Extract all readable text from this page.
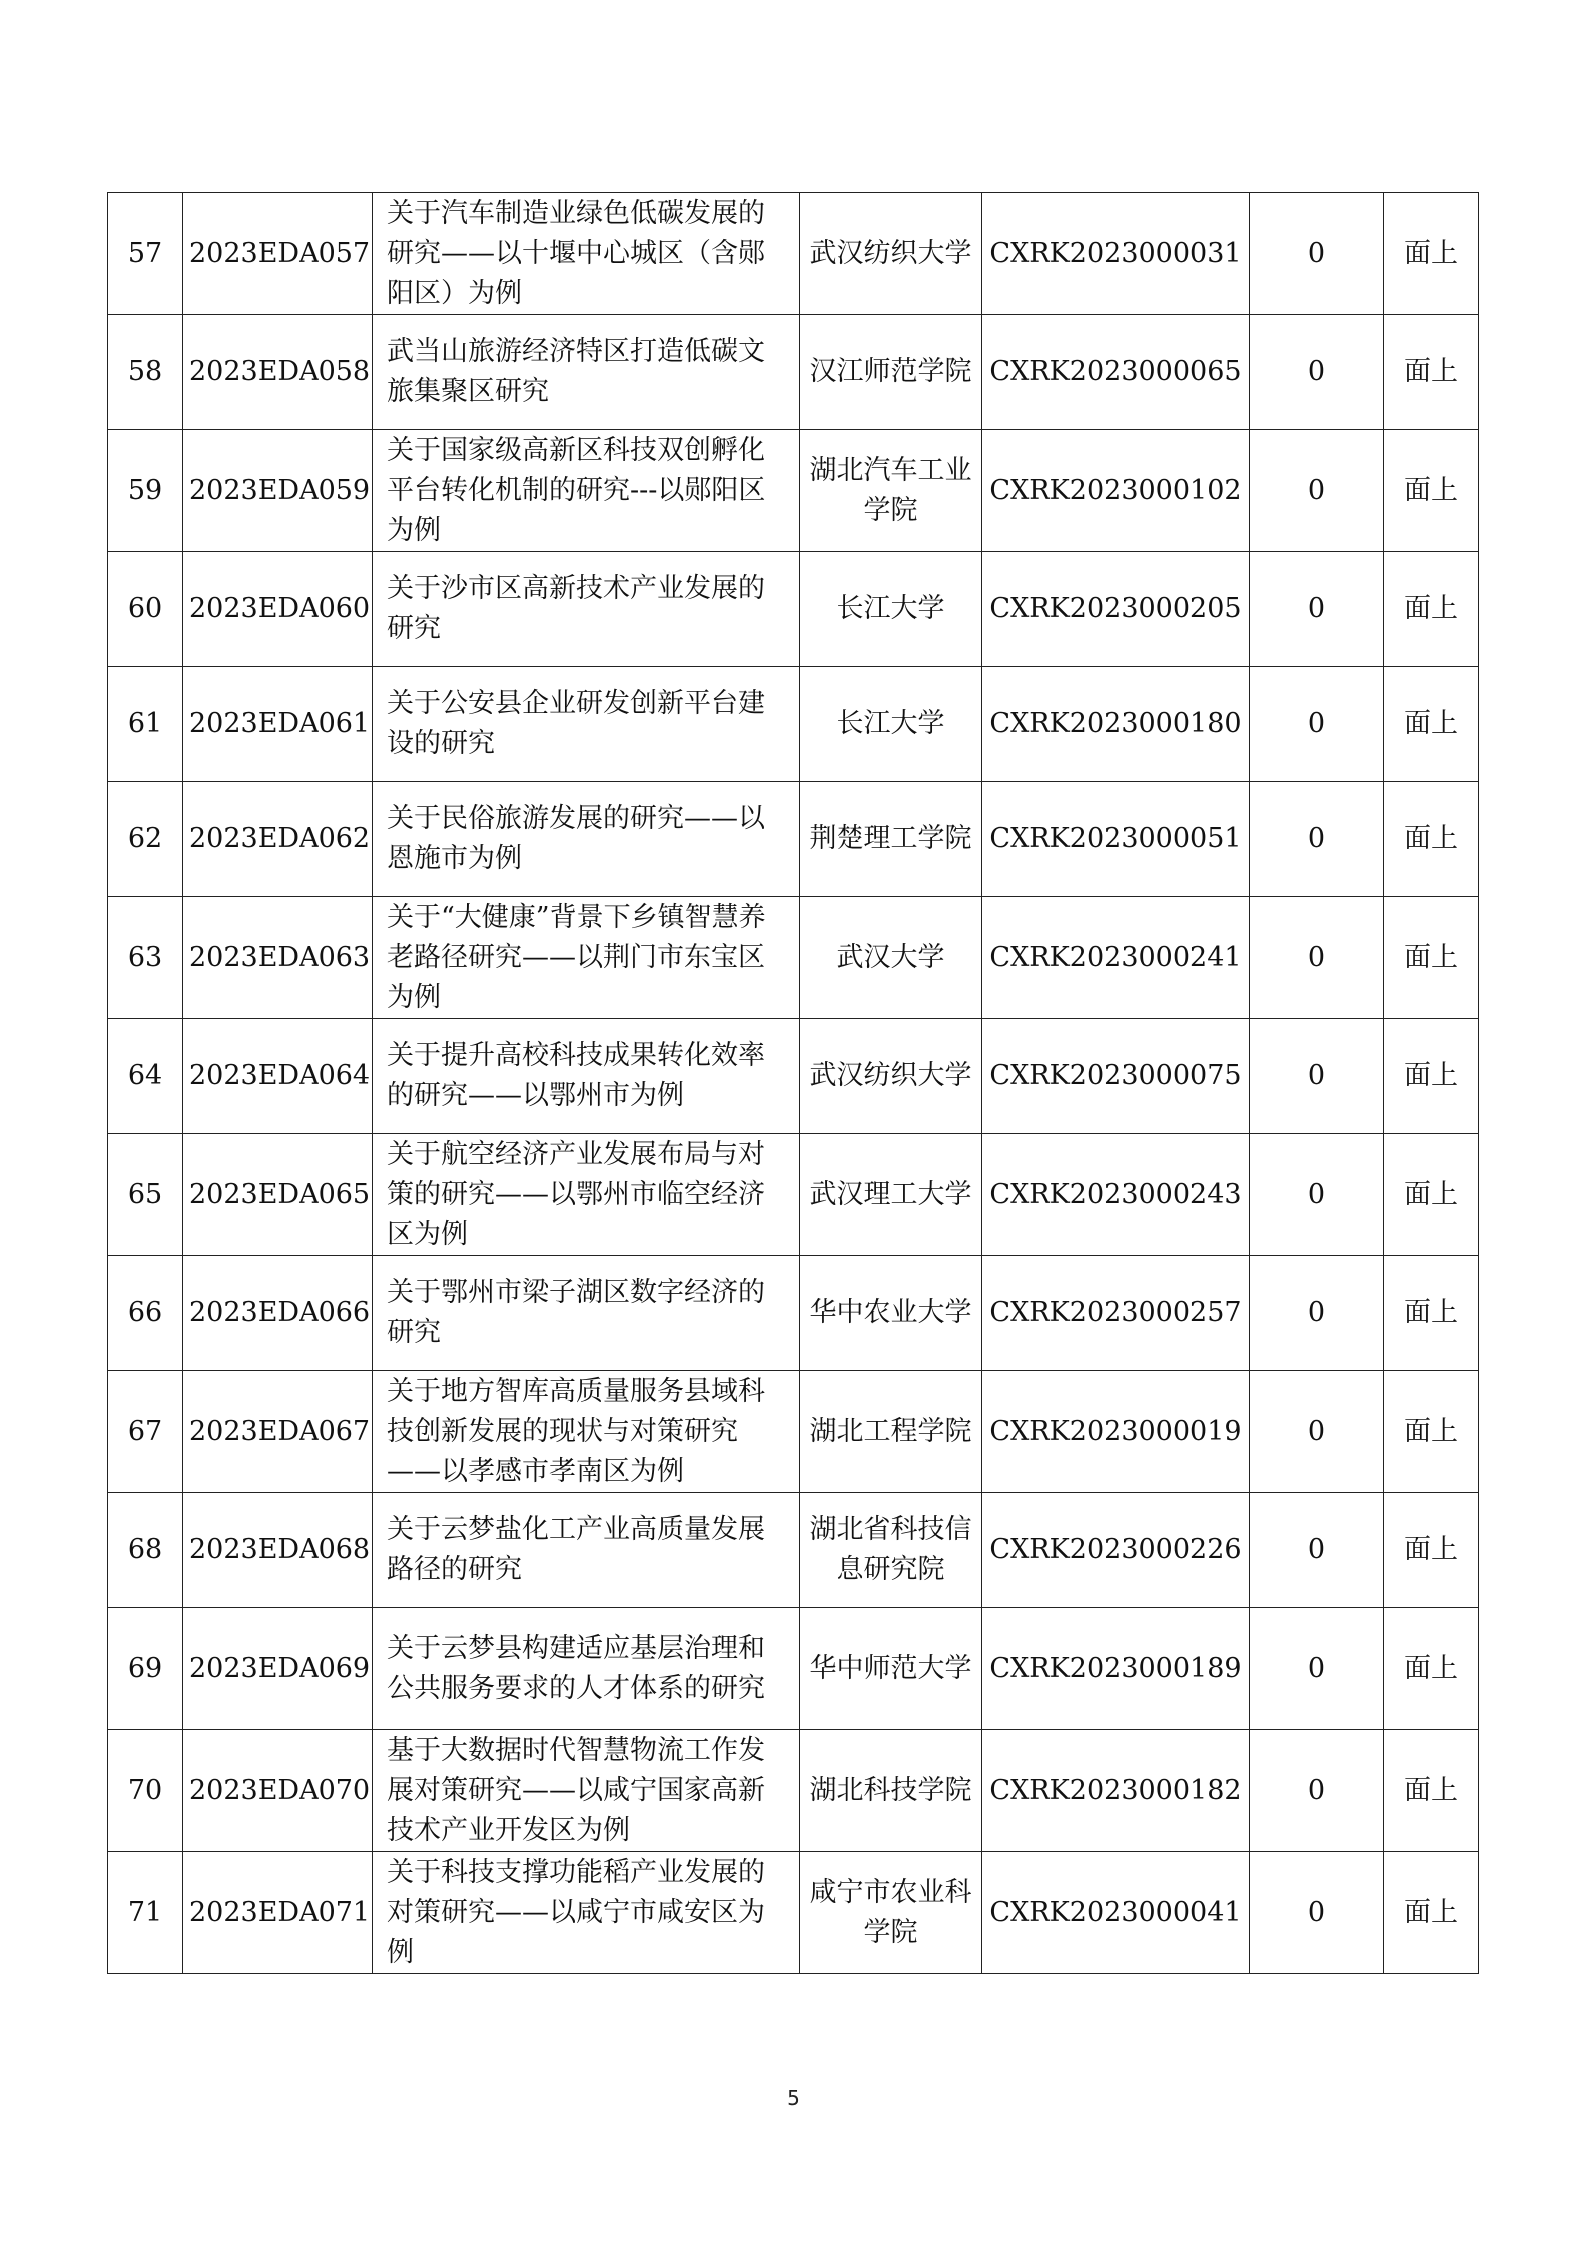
57	2023EDA057	关于汽车制造业绿色低碳发展的研究——以十堰中心城区（含郧阳区）为例	武汉纺织大学	CXRK2023000031	0	面上
58	2023EDA058	武当山旅游经济特区打造低碳文旅集聚区研究	汉江师范学院	CXRK2023000065	0	面上
59	2023EDA059	关于国家级高新区科技双创孵化平台转化机制的研究---以郧阳区为例	湖北汽车工业学院	CXRK2023000102	0	面上
60	2023EDA060	关于沙市区高新技术产业发展的研究	长江大学	CXRK2023000205	0	面上
61	2023EDA061	关于公安县企业研发创新平台建设的研究	长江大学	CXRK2023000180	0	面上
62	2023EDA062	关于民俗旅游发展的研究——以恩施市为例	荆楚理工学院	CXRK2023000051	0	面上
63	2023EDA063	关于“大健康”背景下乡镇智慧养老路径研究——以荆门市东宝区为例	武汉大学	CXRK2023000241	0	面上
64	2023EDA064	关于提升高校科技成果转化效率的研究——以鄂州市为例	武汉纺织大学	CXRK2023000075	0	面上
65	2023EDA065	关于航空经济产业发展布局与对策的研究——以鄂州市临空经济区为例	武汉理工大学	CXRK2023000243	0	面上
66	2023EDA066	关于鄂州市梁子湖区数字经济的研究	华中农业大学	CXRK2023000257	0	面上
67	2023EDA067	关于地方智库高质量服务县域科技创新发展的现状与对策研究 ——以孝感市孝南区为例	湖北工程学院	CXRK2023000019	0	面上
68	2023EDA068	关于云梦盐化工产业高质量发展路径的研究	湖北省科技信息研究院	CXRK2023000226	0	面上
69	2023EDA069	关于云梦县构建适应基层治理和公共服务要求的人才体系的研究	华中师范大学	CXRK2023000189	0	面上
70	2023EDA070	基于大数据时代智慧物流工作发展对策研究——以咸宁国家高新技术产业开发区为例	湖北科技学院	CXRK2023000182	0	面上
71	2023EDA071	关于科技支撑功能稻产业发展的对策研究——以咸宁市咸安区为例	咸宁市农业科学院	CXRK2023000041	0	面上
5
